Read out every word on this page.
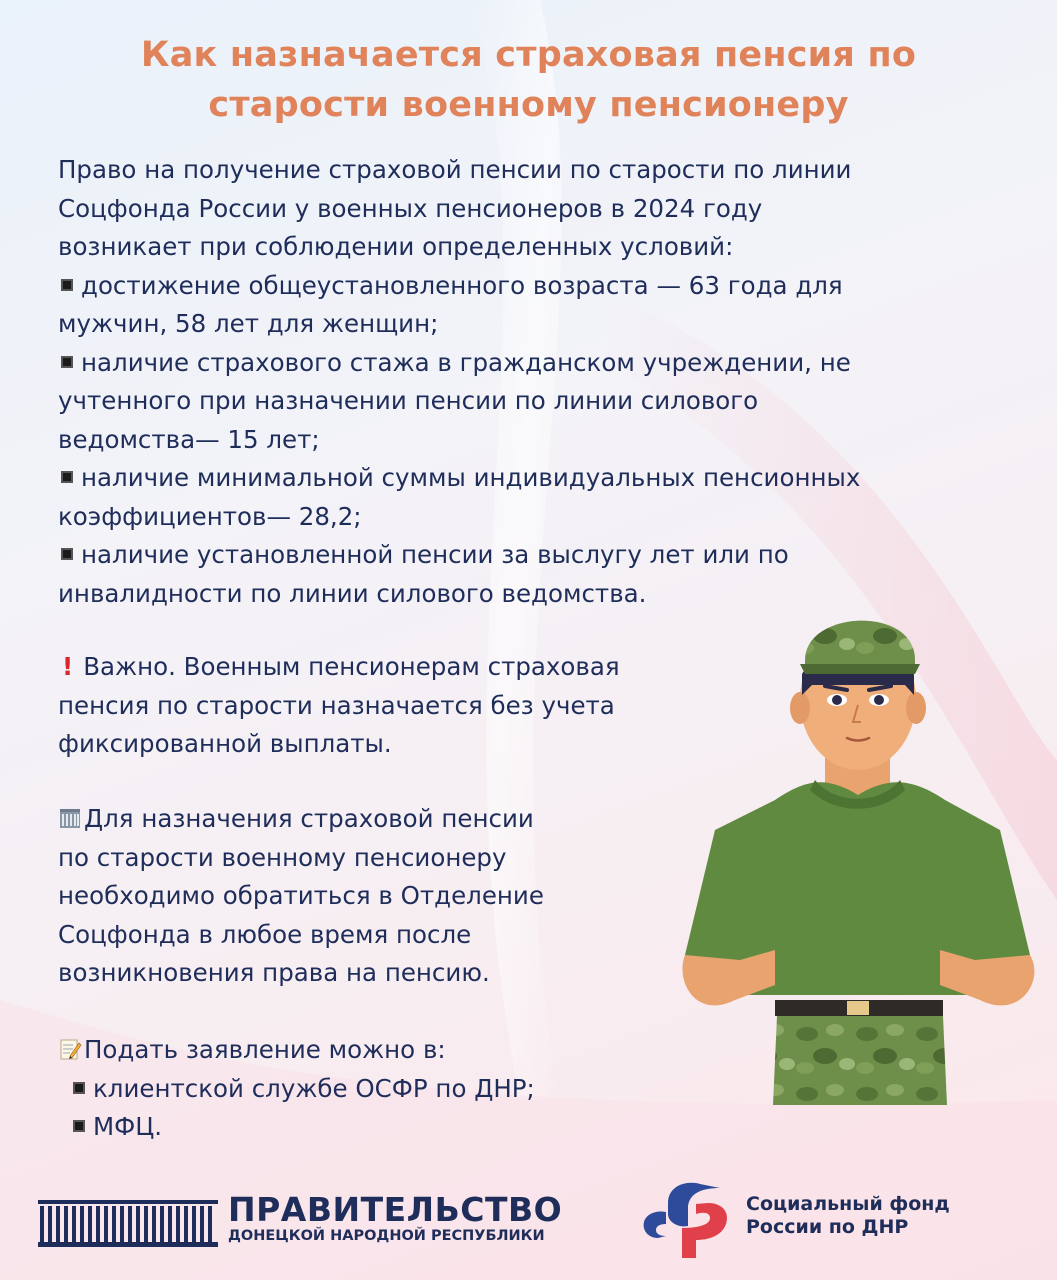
Как назначается страховая пенсия по
старости военному пенсионеру
Право на получение страховой пенсии по старости по линии
Соцфонда России у военных пенсионеров в 2024 году
возникает при соблюдении определенных условий:
достижение общеустановленного возраста — 63 года для
мужчин, 58 лет для женщин;
наличие страхового стажа в гражданском учреждении, не
учтенного при назначении пенсии по линии силового
ведомства— 15 лет;
наличие минимальной суммы индивидуальных пенсионных
коэффициентов— 28,2;
наличие установленной пенсии за выслугу лет или по
инвалидности по линии силового ведомства.
! Важно. Военным пенсионерам страховая
пенсия по старости назначается без учета
фиксированной выплаты.
Для назначения страховой пенсии
по старости военному пенсионеру
необходимо обратиться в Отделение
Соцфонда в любое время после
возникновения права на пенсию.
Подать заявление можно в:
клиентской службе ОСФР по ДНР;
МФЦ.
ПРАВИТЕЛЬСТВО
ДОНЕЦКОЙ НАРОДНОЙ РЕСПУБЛИКИ
Социальный фонд
России по ДНР
